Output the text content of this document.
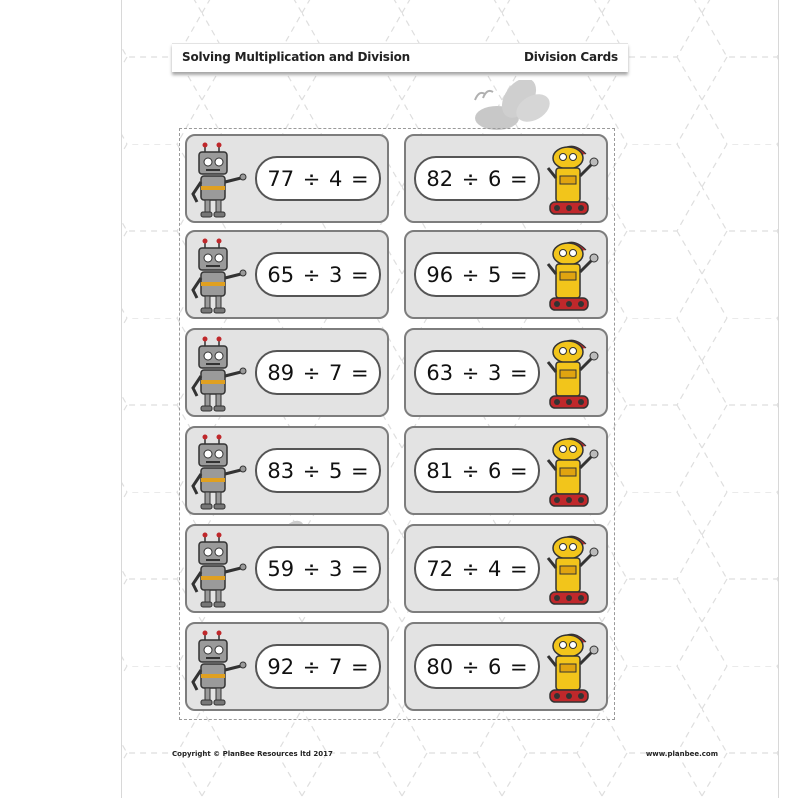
Solving Multiplication and Division	Division Cards
77 ÷ 4 =
65 ÷ 3 =
89 ÷ 7 =
83 ÷ 5 =
59 ÷ 3 =
92 ÷ 7 =
82 ÷ 6 =
96 ÷ 5 =
63 ÷ 3 =
81 ÷ 6 =
72 ÷ 4 =
80 ÷ 6 =
Copyright © PlanBee Resources ltd 2017	www.planbee.com
